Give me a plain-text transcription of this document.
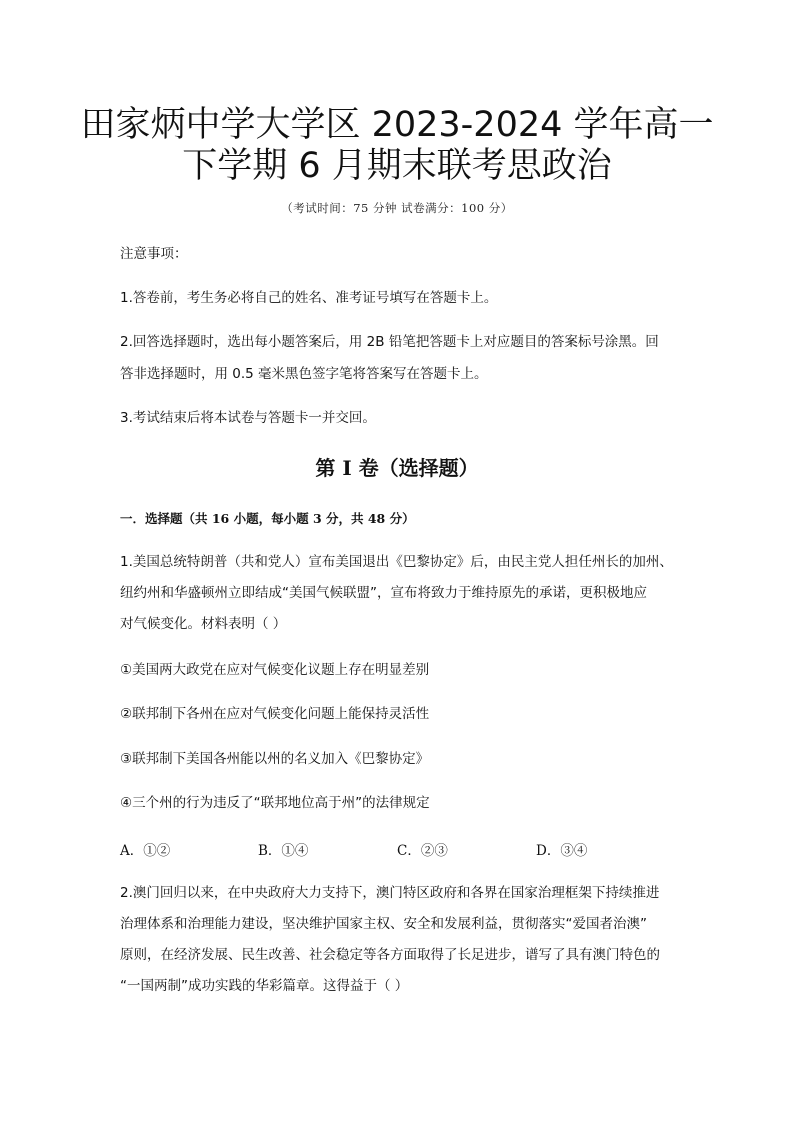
田家炳中学大学区 2023-2024 学年高一
下学期 6 月期末联考思政治
（考试时间：75 分钟 试卷满分：100 分）
注意事项：
1.答卷前，考生务必将自己的姓名、准考证号填写在答题卡上。
2.回答选择题时，选出每小题答案后，用 2B 铅笔把答题卡上对应题目的答案标号涂黑。回
答非选择题时，用 0.5 毫米黑色签字笔将答案写在答题卡上。
3.考试结束后将本试卷与答题卡一并交回。
第 I 卷（选择题）
一．选择题（共 16 小题，每小题 3 分，共 48 分）
1.美国总统特朗普（共和党人）宣布美国退出《巴黎协定》后，由民主党人担任州长的加州、
纽约州和华盛顿州立即结成“美国气候联盟”，宣布将致力于维持原先的承诺，更积极地应
对气候变化。材料表明（ ）
①美国两大政党在应对气候变化议题上存在明显差别
②联邦制下各州在应对气候变化问题上能保持灵活性
③联邦制下美国各州能以州的名义加入《巴黎协定》
④三个州的行为违反了“联邦地位高于州”的法律规定
A．①②	B．①④	C．②③	D．③④
2.澳门回归以来，在中央政府大力支持下，澳门特区政府和各界在国家治理框架下持续推进
治理体系和治理能力建设，坚决维护国家主权、安全和发展利益，贯彻落实“爱国者治澳”
原则，在经济发展、民生改善、社会稳定等各方面取得了长足进步，谱写了具有澳门特色的
“一国两制”成功实践的华彩篇章。这得益于（ ）
